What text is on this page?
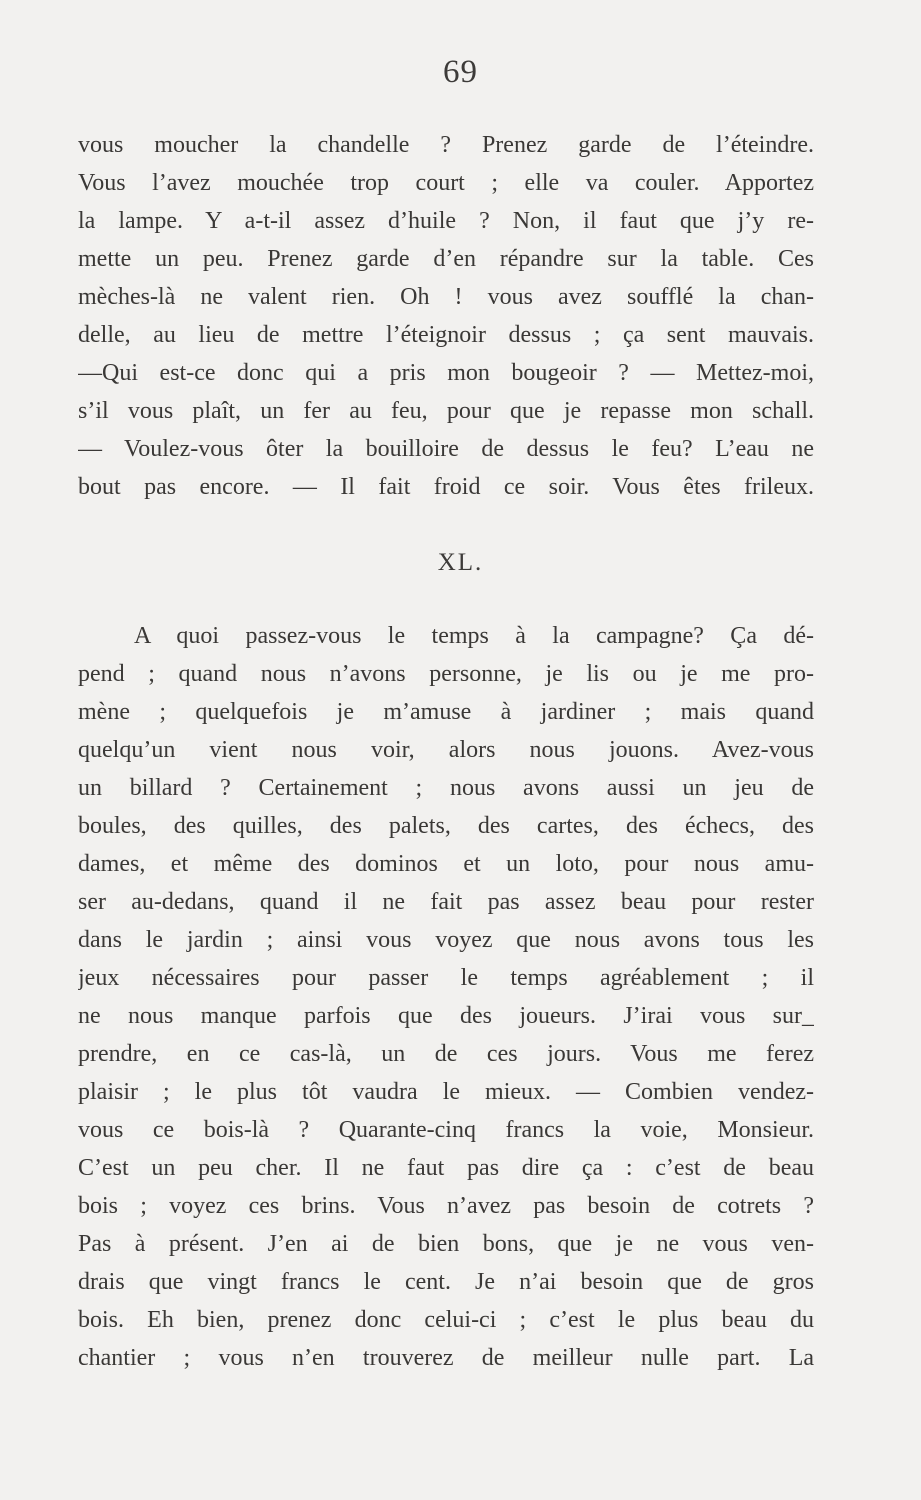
69
vous moucher la chandelle ? Prenez garde de l’éteindre.
Vous l’avez mouchée trop court ; elle va couler. Apportez
la lampe. Y a-t-il assez d’huile ? Non, il faut que j’y re-
mette un peu. Prenez garde d’en répandre sur la table. Ces
mèches-là ne valent rien. Oh ! vous avez soufflé la chan-
delle, au lieu de mettre l’éteignoir dessus ; ça sent mauvais.
—Qui est-ce donc qui a pris mon bougeoir ? — Mettez-moi,
s’il vous plaît, un fer au feu, pour que je repasse mon schall.
— Voulez-vous ôter la bouilloire de dessus le feu? L’eau ne
bout pas encore. — Il fait froid ce soir. Vous êtes frileux.
XL.
A quoi passez-vous le temps à la campagne? Ça dé-
pend ; quand nous n’avons personne, je lis ou je me pro-
mène ; quelquefois je m’amuse à jardiner ; mais quand
quelqu’un vient nous voir, alors nous jouons. Avez-vous
un billard ? Certainement ; nous avons aussi un jeu de
boules, des quilles, des palets, des cartes, des échecs, des
dames, et même des dominos et un loto, pour nous amu-
ser au-dedans, quand il ne fait pas assez beau pour rester
dans le jardin ; ainsi vous voyez que nous avons tous les
jeux nécessaires pour passer le temps agréablement ; il
ne nous manque parfois que des joueurs. J’irai vous sur_
prendre, en ce cas-là, un de ces jours. Vous me ferez
plaisir ; le plus tôt vaudra le mieux. — Combien vendez-
vous ce bois-là ? Quarante-cinq francs la voie, Monsieur.
C’est un peu cher. Il ne faut pas dire ça : c’est de beau
bois ; voyez ces brins. Vous n’avez pas besoin de cotrets ?
Pas à présent. J’en ai de bien bons, que je ne vous ven-
drais que vingt francs le cent. Je n’ai besoin que de gros
bois. Eh bien, prenez donc celui-ci ; c’est le plus beau du
chantier ; vous n’en trouverez de meilleur nulle part. La
